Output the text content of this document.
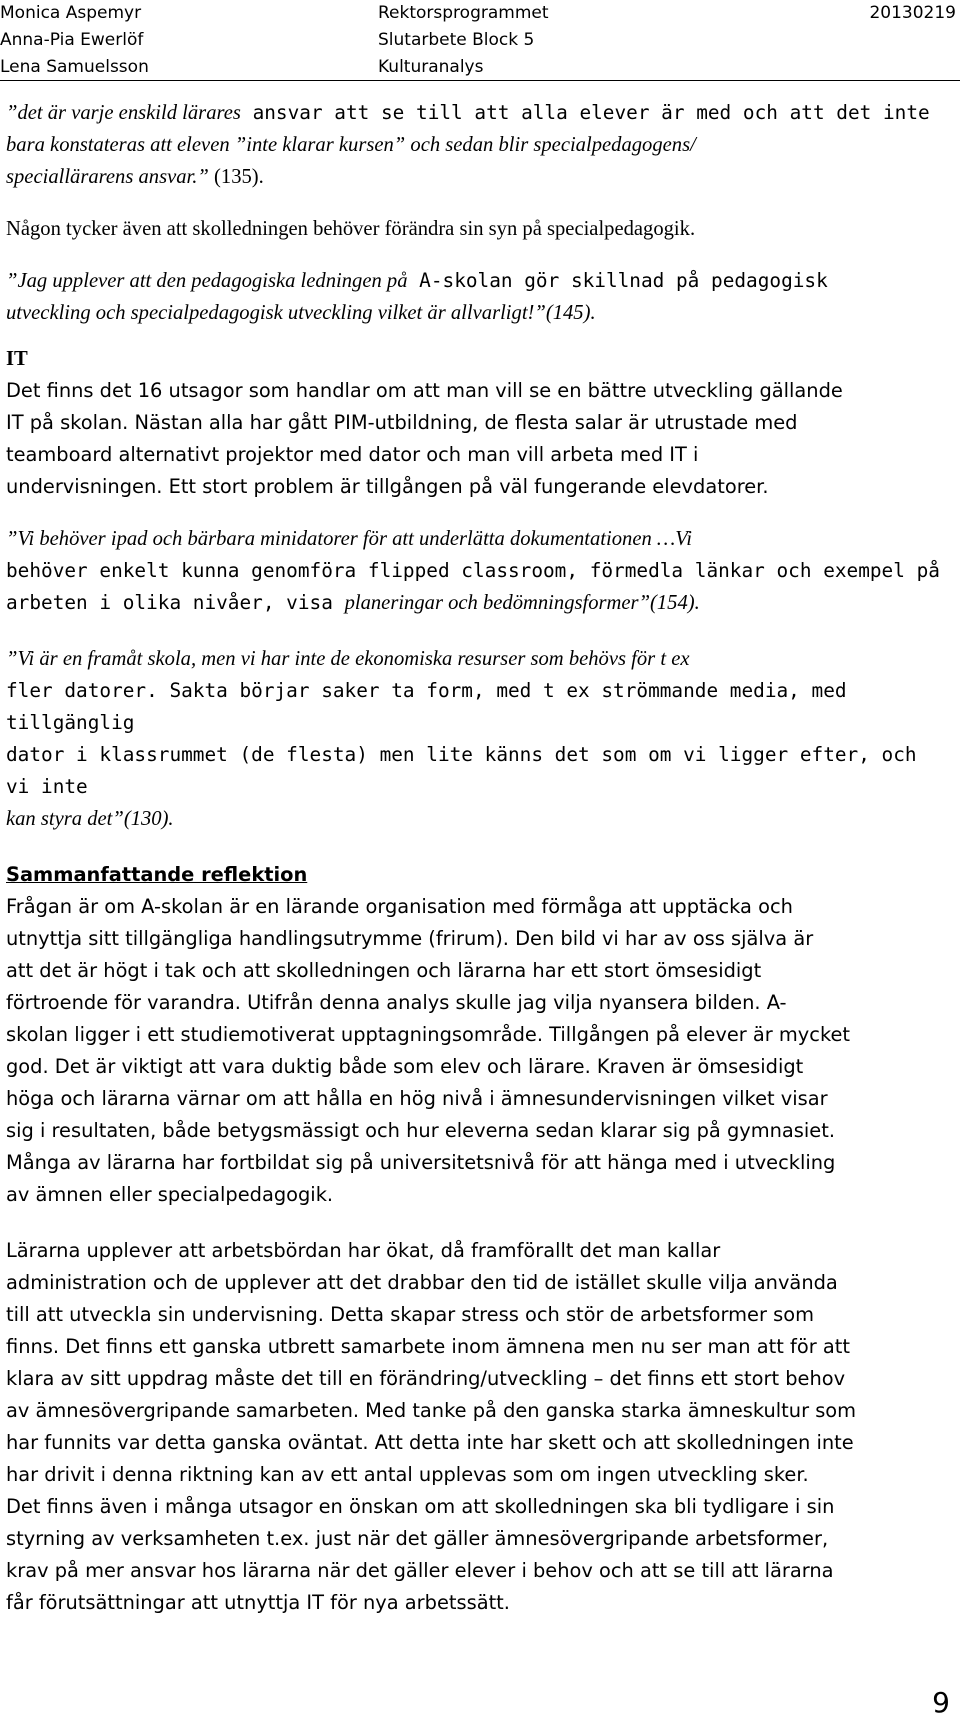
Monica Aspemyr
Anna-Pia Ewerlöf
Lena Samuelsson
Rektorsprogrammet
Slutarbete Block 5
Kulturanalys
20130219

”det är varje enskild lärares ansvar att se till att alla elever är med och att det inte

bara konstateras att eleven ”inte klarar kursen” och sedan blir specialpedagogens/

speciallärarens ansvar.” (135).

Någon tycker även att skolledningen behöver förändra sin syn på specialpedagogik.

”Jag upplever att den pedagogiska ledningen på A-skolan gör skillnad på pedagogisk

utveckling och specialpedagogisk utveckling vilket är allvarligt!”(145).

IT

Det finns det 16 utsagor som handlar om att man vill se en bättre utveckling gällande

IT på skolan. Nästan alla har gått PIM-utbildning, de flesta salar är utrustade med

teamboard alternativt projektor med dator och man vill arbeta med IT i

undervisningen. Ett stort problem är tillgången på väl fungerande elevdatorer.

”Vi behöver ipad och bärbara minidatorer för att underlätta dokumentationen …Vi

behöver enkelt kunna genomföra flipped classroom, förmedla länkar och exempel på

arbeten i olika nivåer, visa planeringar och bedömningsformer”(154).

”Vi är en framåt skola, men vi har inte de ekonomiska resurser som behövs för t ex

fler datorer. Sakta börjar saker ta form, med t ex strömmande media, med tillgänglig

dator i klassrummet (de flesta) men lite känns det som om vi ligger efter, och vi inte

kan styra det”(130).

Sammanfattande reflektion

Frågan är om A-skolan är en lärande organisation med förmåga att upptäcka och

utnyttja sitt tillgängliga handlingsutrymme (frirum). Den bild vi har av oss själva är

att det är högt i tak och att skolledningen och lärarna har ett stort ömsesidigt

förtroende för varandra. Utifrån denna analys skulle jag vilja nyansera bilden. A-

skolan ligger i ett studiemotiverat upptagningsområde. Tillgången på elever är mycket

god. Det är viktigt att vara duktig både som elev och lärare. Kraven är ömsesidigt

höga och lärarna värnar om att hålla en hög nivå i ämnesundervisningen vilket visar

sig i resultaten, både betygsmässigt och hur eleverna sedan klarar sig på gymnasiet.

Många av lärarna har fortbildat sig på universitetsnivå för att hänga med i utveckling

av ämnen eller specialpedagogik.

Lärarna upplever att arbetsbördan har ökat, då framförallt det man kallar

administration och de upplever att det drabbar den tid de istället skulle vilja använda

till att utveckla sin undervisning. Detta skapar stress och stör de arbetsformer som

finns. Det finns ett ganska utbrett samarbete inom ämnena men nu ser man att för att

klara av sitt uppdrag måste det till en förändring/utveckling – det finns ett stort behov

av ämnesövergripande samarbeten. Med tanke på den ganska starka ämneskultur som

har funnits var detta ganska oväntat. Att detta inte har skett och att skolledningen inte

har drivit i denna riktning kan av ett antal upplevas som om ingen utveckling sker.

Det finns även i många utsagor en önskan om att skolledningen ska bli tydligare i sin

styrning av verksamheten t.ex. just när det gäller ämnesövergripande arbetsformer,

krav på mer ansvar hos lärarna när det gäller elever i behov och att se till att lärarna

får förutsättningar att utnyttja IT för nya arbetssätt.

9
